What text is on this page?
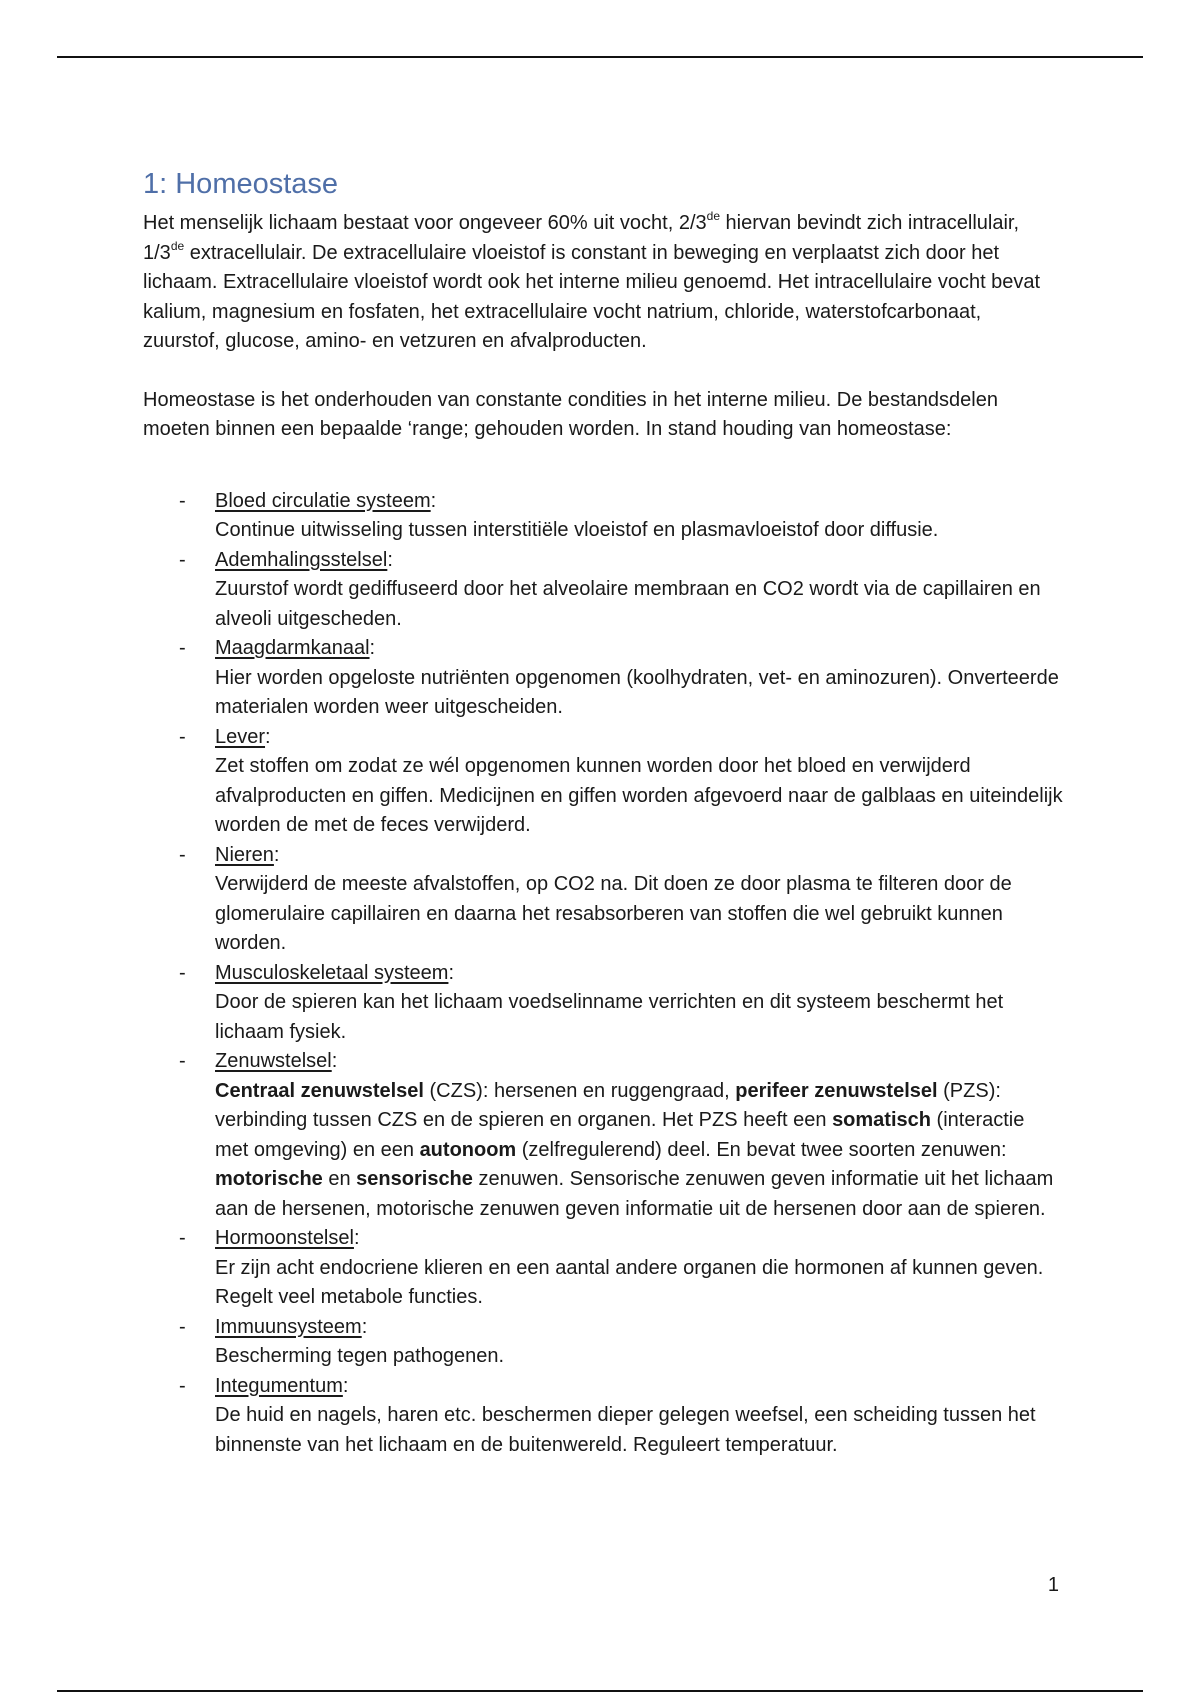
1: Homeostase

Het menselijk lichaam bestaat voor ongeveer 60% uit vocht, 2/3de hiervan bevindt zich intracellulair, 1/3de extracellulair. De extracellulaire vloeistof is constant in beweging en verplaatst zich door het lichaam. Extracellulaire vloeistof wordt ook het interne milieu genoemd. Het intracellulaire vocht bevat kalium, magnesium en fosfaten, het extracellulaire vocht natrium, chloride, waterstofcarbonaat, zuurstof, glucose, amino- en vetzuren en afvalproducten.

Homeostase is het onderhouden van constante condities in het interne milieu. De bestandsdelen moeten binnen een bepaalde ‘range; gehouden worden. In stand houding van homeostase:

- Bloed circulatie systeem:
Continue uitwisseling tussen interstitiële vloeistof en plasmavloeistof door diffusie.
- Ademhalingsstelsel:
Zuurstof wordt gediffuseerd door het alveolaire membraan en CO2 wordt via de capillairen en alveoli uitgescheden.
- Maagdarmkanaal:
Hier worden opgeloste nutriënten opgenomen (koolhydraten, vet- en aminozuren). Onverteerde materialen worden weer uitgescheiden.
- Lever:
Zet stoffen om zodat ze wél opgenomen kunnen worden door het bloed en verwijderd afvalproducten en giffen. Medicijnen en giffen worden afgevoerd naar de galblaas en uiteindelijk worden de met de feces verwijderd.
- Nieren:
Verwijderd de meeste afvalstoffen, op CO2 na. Dit doen ze door plasma te filteren door de glomerulaire capillairen en daarna het resabsorberen van stoffen die wel gebruikt kunnen worden.
- Musculoskeletaal systeem:
Door de spieren kan het lichaam voedselinname verrichten en dit systeem beschermt het lichaam fysiek.
- Zenuwstelsel:
Centraal zenuwstelsel (CZS): hersenen en ruggengraad, perifeer zenuwstelsel (PZS): verbinding tussen CZS en de spieren en organen. Het PZS heeft een somatisch (interactie met omgeving) en een autonoom (zelfregulerend) deel. En bevat twee soorten zenuwen: motorische en sensorische zenuwen. Sensorische zenuwen geven informatie uit het lichaam aan de hersenen, motorische zenuwen geven informatie uit de hersenen door aan de spieren.
- Hormoonstelsel:
Er zijn acht endocriene klieren en een aantal andere organen die hormonen af kunnen geven. Regelt veel metabole functies.
- Immuunsysteem:
Bescherming tegen pathogenen.
- Integumentum:
De huid en nagels, haren etc. beschermen dieper gelegen weefsel, een scheiding tussen het binnenste van het lichaam en de buitenwereld. Reguleert temperatuur.
1
